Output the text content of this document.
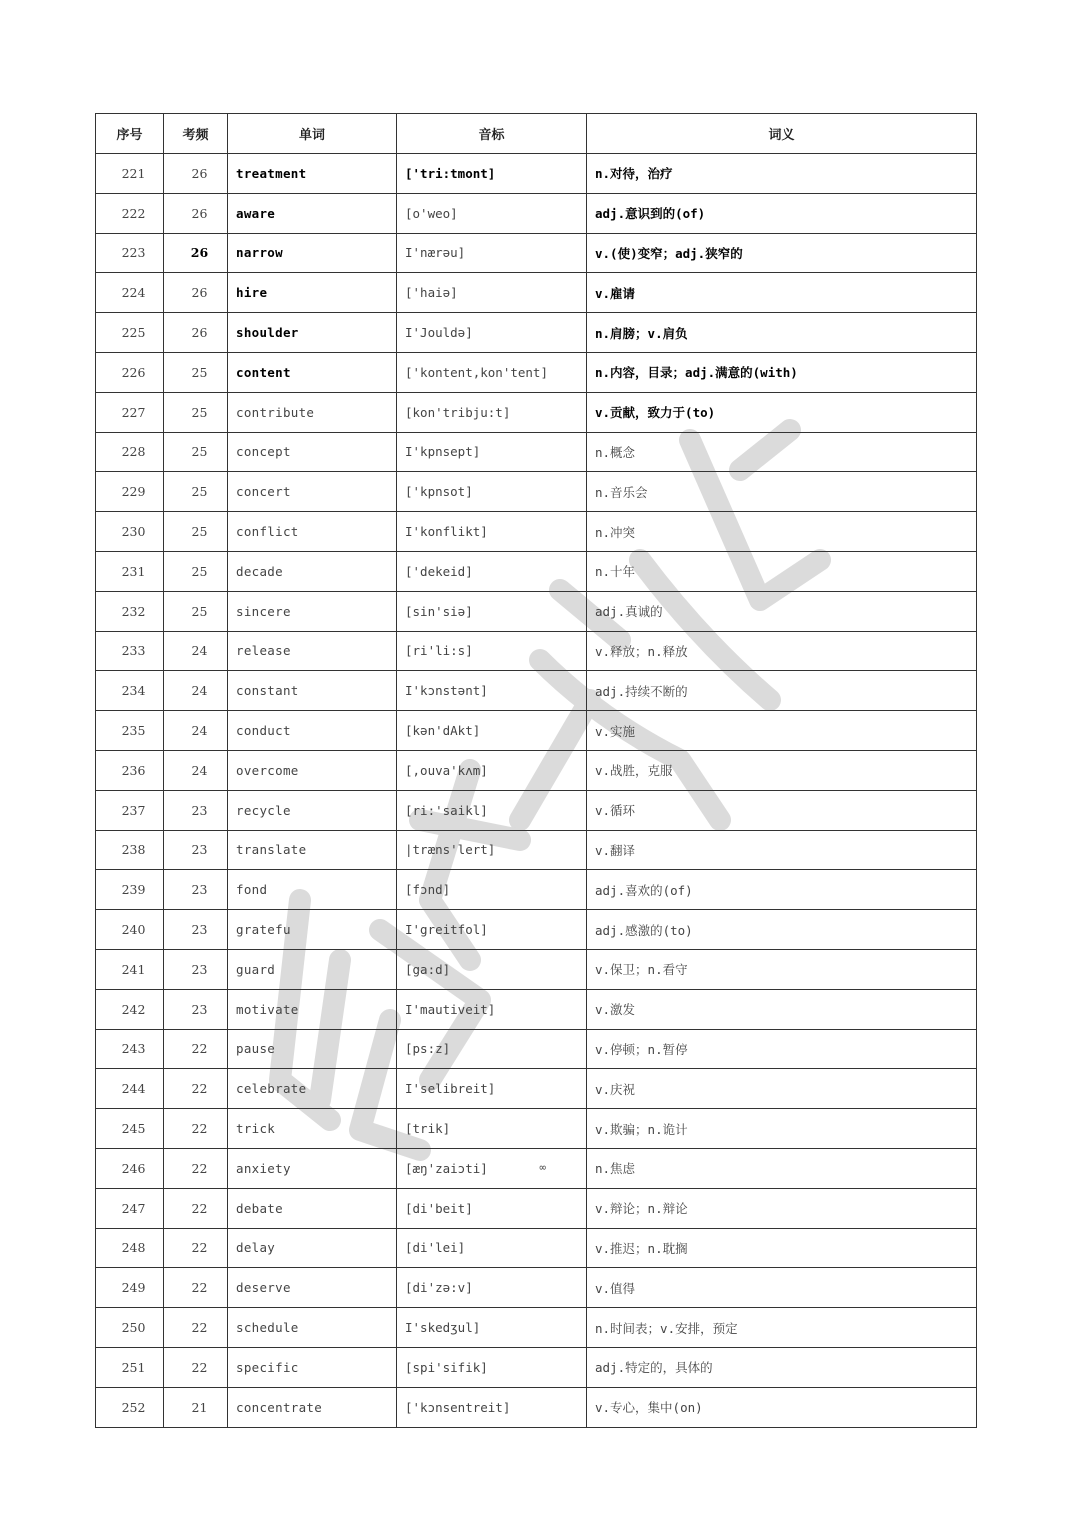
序号	考频	单词	音标	词义
221	26	treatment	['tri:tmont]	n.对待，治疗
222	26	aware	[o'weo]	adj.意识到的(of)
223	26	narrow	I'nærəu]	v.(使)变窄；adj.狭窄的
224	26	hire	['haiə]	v.雇请
225	26	shoulder	I'Jouldə]	n.肩膀；v.肩负
226	25	content	['kontent,kon'tent]	n.内容，目录；adj.满意的(with)
227	25	contribute	[kon'tribju:t]	v.贡献，致力于(to)
228	25	concept	I'kpnsept]	n.概念
229	25	concert	['kpnsot]	n.音乐会
230	25	conflict	I'konflikt]	n.冲突
231	25	decade	['dekeid]	n.十年
232	25	sincere	[sin'siə]	adj.真诚的
233	24	release	[ri'li:s]	v.释放；n.释放
234	24	constant	I'kɔnstənt]	adj.持续不断的
235	24	conduct	[kən'dAkt]	v.实施
236	24	overcome	[,ouva'kʌm]	v.战胜，克服
237	23	recycle	[ri:'saikl]	v.循环
238	23	translate	|træns'lert]	v.翻译
239	23	fond	[fɔnd]	adj.喜欢的(of)
240	23	gratefu	I'greitfol]	adj.感激的(to)
241	23	guard	[ga:d]	v.保卫；n.看守
242	23	motivate	I'mautiveit]	v.激发
243	22	pause	[ps:z]	v.停顿；n.暂停
244	22	celebrate	I'selibreit]	v.庆祝
245	22	trick	[trik]	v.欺骗；n.诡计
246	22	anxiety	[æŋ'zaiɔti] ∞	n.焦虑
247	22	debate	[di'beit]	v.辩论；n.辩论
248	22	delay	[di'lei]	v.推迟；n.耽搁
249	22	deserve	[di'zə:v]	v.值得
250	22	schedule	I'skedʒul]	n.时间表；v.安排，预定
251	22	specific	[spi'sifik]	adj.特定的，具体的
252	21	concentrate	['kɔnsentreit]	v.专心，集中(on)
